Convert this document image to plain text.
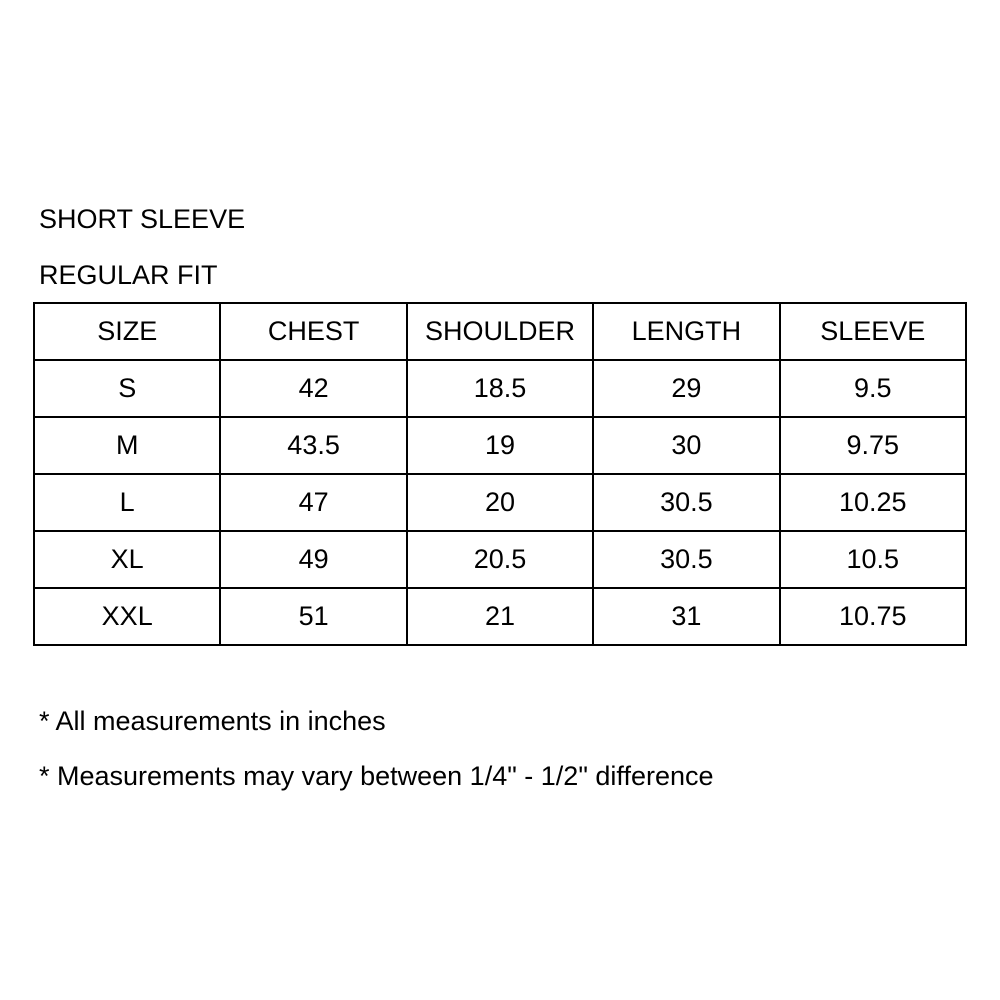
SHORT SLEEVE

REGULAR FIT

SIZE	CHEST	SHOULDER	LENGTH	SLEEVE
S	42	18.5	29	9.5
M	43.5	19	30	9.75
L	47	20	30.5	10.25
XL	49	20.5	30.5	10.5
XXL	51	21	31	10.75

* All measurements in inches

* Measurements may vary between 1/4" - 1/2" difference
